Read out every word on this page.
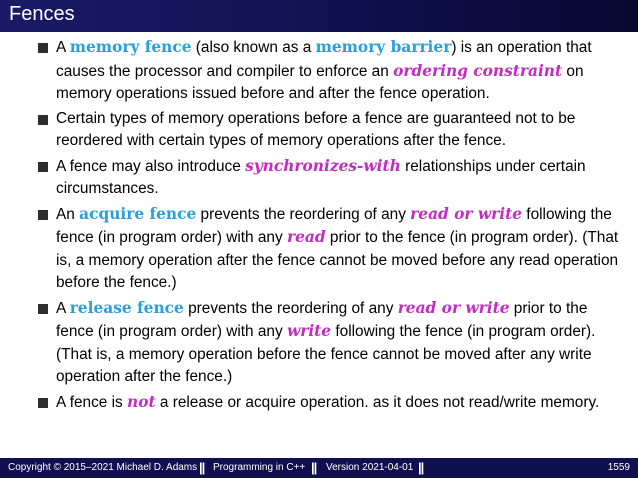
Fences
A memory fence (also known as a memory barrier) is an operation that causes the processor and compiler to enforce an ordering constraint on memory operations issued before and after the fence operation.
Certain types of memory operations before a fence are guaranteed not to be reordered with certain types of memory operations after the fence.
A fence may also introduce synchronizes-with relationships under certain circumstances.
An acquire fence prevents the reordering of any read or write following the fence (in program order) with any read prior to the fence (in program order). (That is, a memory operation after the fence cannot be moved before any read operation before the fence.)
A release fence prevents the reordering of any read or write prior to the fence (in program order) with any write following the fence (in program order). (That is, a memory operation before the fence cannot be moved after any write operation after the fence.)
A fence is not a release or acquire operation. as it does not read/write memory.
Copyright © 2015–2021 Michael D. Adams || Programming in C++ || Version 2021-04-01 ||	1559
